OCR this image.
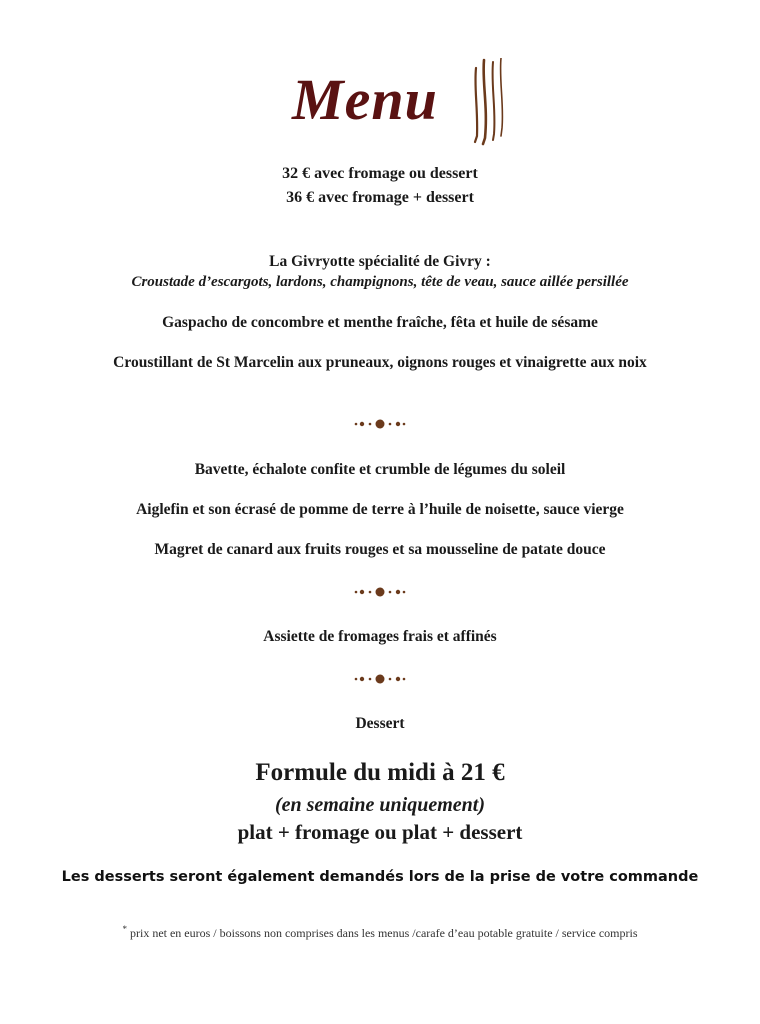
Menu
32 € avec fromage ou dessert
36 € avec fromage + dessert
La Givryotte spécialité de Givry :
Croustade d’escargots, lardons, champignons, tête de veau, sauce aillée persillée
Gaspacho de concombre et menthe fraîche, fêta et huile de sésame
Croustillant de St Marcelin aux pruneaux, oignons rouges et vinaigrette aux noix
Bavette, échalote confite et crumble de légumes du soleil
Aiglefin et son écrasé de pomme de terre à l’huile de noisette, sauce vierge
Magret de canard aux fruits rouges et sa mousseline de patate douce
Assiette de fromages frais et affinés
Dessert
Formule du midi à 21 €
(en semaine uniquement)
plat + fromage ou plat + dessert
Les desserts seront également demandés lors de la prise de votre commande
* prix net en euros / boissons non comprises dans les menus /carafe d’eau potable gratuite / service compris
